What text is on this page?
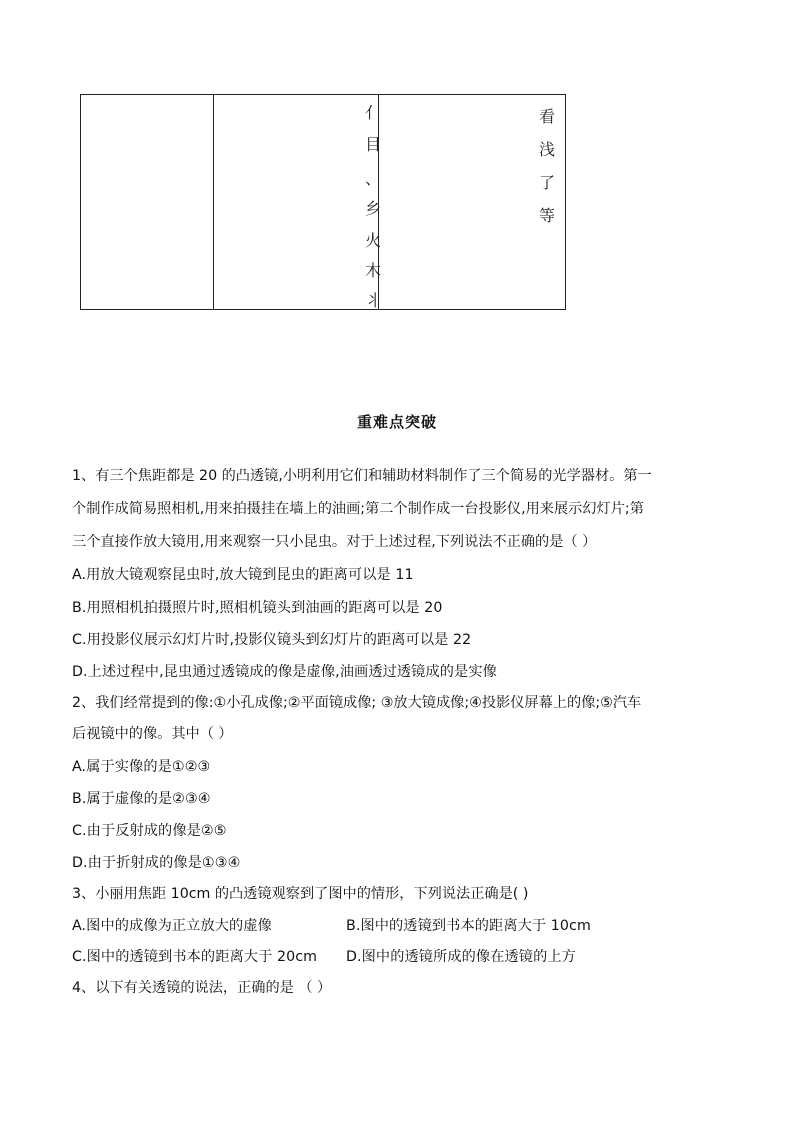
亻
目
、
乡
火
木
丬
看
浅
了
等
重难点突破
1、有三个焦距都是 20 的凸透镜,小明利用它们和辅助材料制作了三个简易的光学器材。第一
个制作成简易照相机,用来拍摄挂在墙上的油画;第二个制作成一台投影仪,用来展示幻灯片;第
三个直接作放大镜用,用来观察一只小昆虫。对于上述过程,下列说法不正确的是（ ）
A.用放大镜观察昆虫时,放大镜到昆虫的距离可以是 11
B.用照相机拍摄照片时,照相机镜头到油画的距离可以是 20
C.用投影仪展示幻灯片时,投影仪镜头到幻灯片的距离可以是 22
D.上述过程中,昆虫通过透镜成的像是虚像,油画透过透镜成的是实像
2、我们经常提到的像:①小孔成像;②平面镜成像; ③放大镜成像;④投影仪屏幕上的像;⑤汽车
后视镜中的像。其中（ ）
A.属于实像的是①②③
B.属于虚像的是②③④
C.由于反射成的像是②⑤
D.由于折射成的像是①③④
3、小丽用焦距 10cm 的凸透镜观察到了图中的情形，下列说法正确是( )
A.图中的成像为正立放大的虚像	B.图中的透镜到书本的距离大于 10cm
C.图中的透镜到书本的距离大于 20cm D.图中的透镜所成的像在透镜的上方
4、以下有关透镜的说法，正确的是 （ ）
